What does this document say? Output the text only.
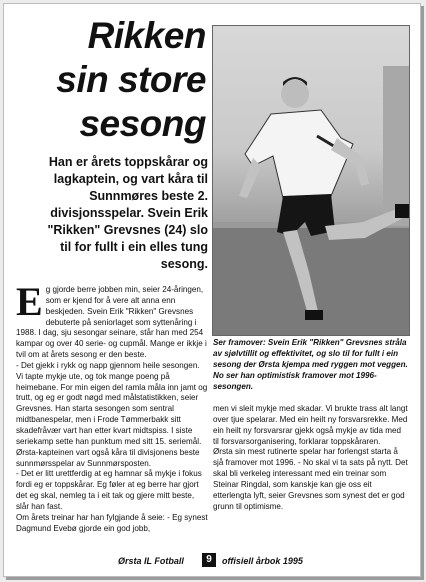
Rikken
sin store
sesong
Han er årets toppskårar og lagkaptein, og vart kåra til Sunnmøres beste 2. divisjonsspelar. Svein Erik "Rikken" Grevsnes (24) slo til for fullt i ein elles tung sesong.
Ser framover: Svein Erik "Rikken" Grevsnes stråla av sjølvtillit og effektivitet, og slo til for fullt i ein sesong der Ørsta kjempa med ryggen mot veggen. No ser han optimistisk framover mot 1996-sesongen.

Eg gjorde berre jobben min, seier 24-åringen, som er kjend for å vere alt anna enn beskjeden. Svein Erik "Rikken" Grevsnes debuterte på seniorlaget som syttenåring i 1988. I dag, sju sesongar seinare, står han med 254 kampar og over 40 serie- og cupmål. Mange er ikkje i tvil om at årets sesong er den beste.

- Det gjekk i rykk og napp gjennom heile sesongen. Vi tapte mykje ute, og tok mange poeng på heimebane. For min eigen del ramla måla inn jamt og trutt, og eg er godt nøgd med målstatistikken, seier Grevsnes. Han starta sesongen som sentral midtbanespelar, men i Frode Tømmerbakk sitt skadefråvær vart han etter kvart midtspiss. I siste seriekamp sette han punktum med sitt 15. seriemål. Ørsta-kapteinen vart også kåra til divisjonens beste sunnmørsspelar av Sunnmørsposten.

- Det er litt urettferdig at eg hamnar så mykje i fokus fordi eg er toppskårar. Eg føler at eg berre har gjort det eg skal, nemleg ta i eit tak og gjere mitt beste, slår han fast.

Om årets treinar har han fylgjande å seie: - Eg synest Dagmund Evebø gjorde ein god jobb,

men vi sleit mykje med skadar. Vi brukte trass alt langt over tjue spelarar. Med ein heilt ny forsvarsrekke. Med ein heilt ny forsvarsrar gjekk også mykje av tida med til forsvarsorganisering, forklarar toppskåraren.

Ørsta sin mest rutinerte spelar har forlengst starta å sjå framover mot 1996. - No skal vi ta sats på nytt. Det skal bli verkeleg interessant med ein treinar som Steinar Ringdal, som kanskje kan gje oss eit etterlengta lyft, seier Grevsnes som synest det er god grunn til optimisme.

Ørsta IL Fotball	9	offisiell årbok 1995
